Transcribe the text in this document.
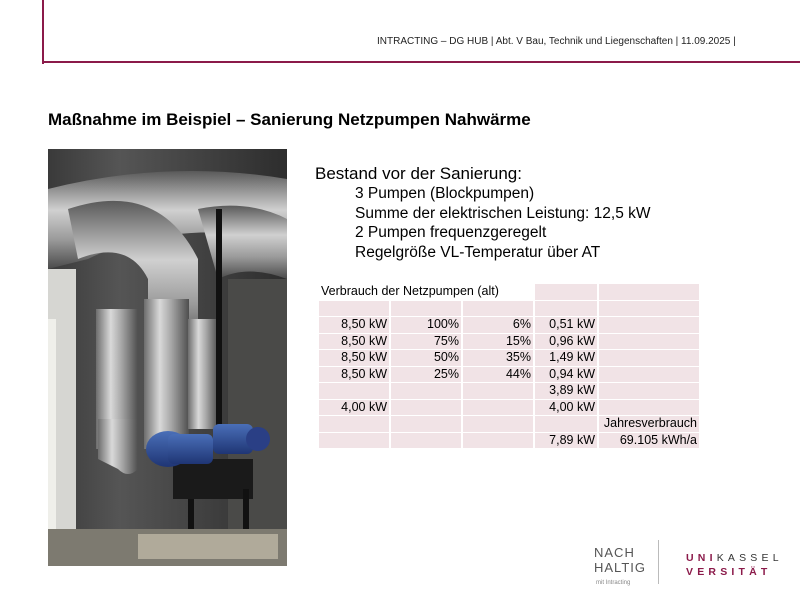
INTRACTING – DG HUB | Abt. V Bau, Technik und Liegenschaften | 11.09.2025 |
Maßnahme im Beispiel – Sanierung Netzpumpen Nahwärme
Bestand vor der Sanierung:
3 Pumpen (Blockpumpen)
Summe der elektrischen Leistung: 12,5 kW
2 Pumpen frequenzgeregelt
Regelgröße VL-Temperatur über AT
Verbrauch der Netzpumpen (alt)				

8,50 kW	100%	6%	0,51 kW	
8,50 kW	75%	15%	0,96 kW	
8,50 kW	50%	35%	1,49 kW	
8,50 kW	25%	44%	0,94 kW	
			3,89 kW	
4,00 kW			4,00 kW	
				Jahresverbrauch
			7,89 kW	69.105 kWh/a
NACH
HALTIG
mit Intracting
UNIKASSEL
VERSITÄT
